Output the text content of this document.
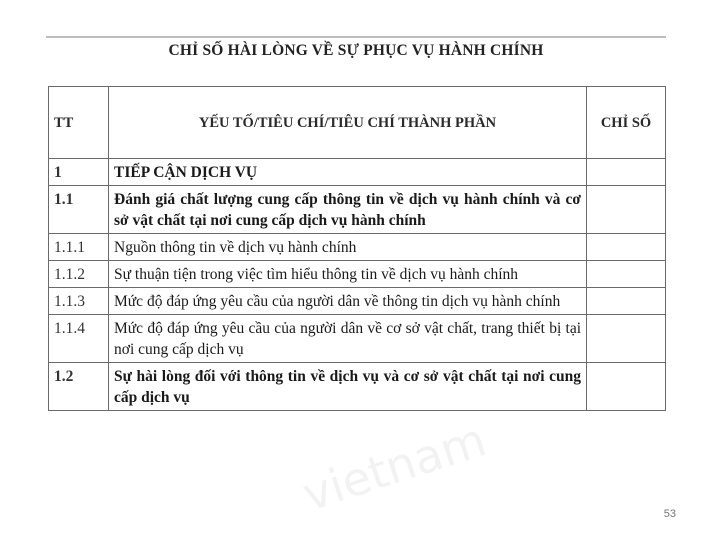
CHỈ SỐ HÀI LÒNG VỀ SỰ PHỤC VỤ HÀNH CHÍNH
TT	YẾU TỐ/TIÊU CHÍ/TIÊU CHÍ THÀNH PHẦN	CHỈ SỐ
1	TIẾP CẬN DỊCH VỤ	
1.1	Đánh giá chất lượng cung cấp thông tin về dịch vụ hành chính và cơ sở vật chất tại nơi cung cấp dịch vụ hành chính	
1.1.1	Nguồn thông tin về dịch vụ hành chính	
1.1.2	Sự thuận tiện trong việc tìm hiểu thông tin về dịch vụ hành chính	
1.1.3	Mức độ đáp ứng yêu cầu của người dân về thông tin dịch vụ hành chính	
1.1.4	Mức độ đáp ứng yêu cầu của người dân về cơ sở vật chất, trang thiết bị tại nơi cung cấp dịch vụ	
1.2	Sự hài lòng đối với thông tin về dịch vụ và cơ sở vật chất tại nơi cung cấp dịch vụ	
vietnam	53
